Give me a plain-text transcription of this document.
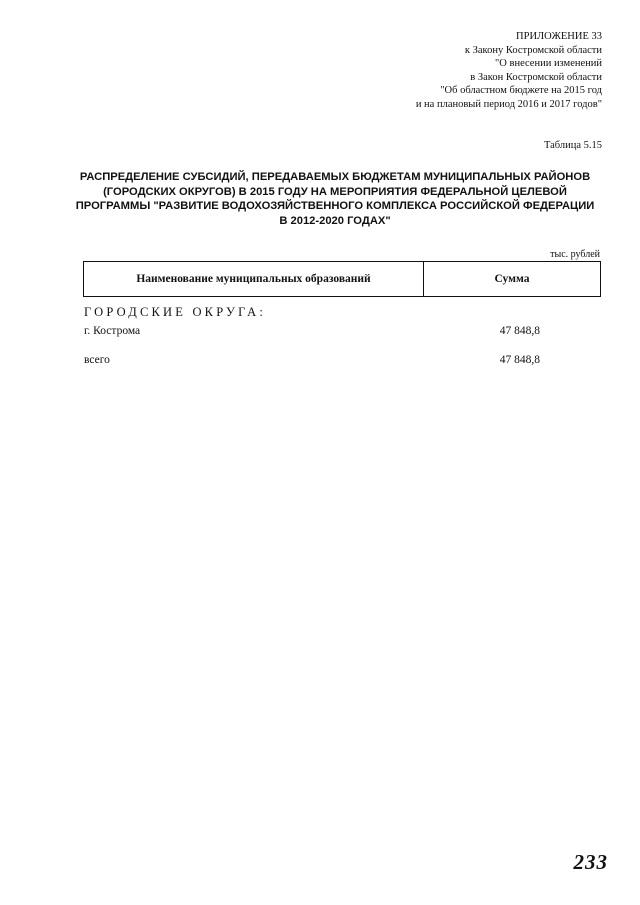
ПРИЛОЖЕНИЕ 33
к Закону Костромской области
"О внесении изменений
в Закон Костромской области
"Об областном бюджете на 2015 год
и на плановый период 2016 и 2017 годов"
Таблица 5.15
РАСПРЕДЕЛЕНИЕ СУБСИДИЙ, ПЕРЕДАВАЕМЫХ БЮДЖЕТАМ МУНИЦИПАЛЬНЫХ РАЙОНОВ
(ГОРОДСКИХ ОКРУГОВ) В 2015 ГОДУ НА МЕРОПРИЯТИЯ ФЕДЕРАЛЬНОЙ ЦЕЛЕВОЙ
ПРОГРАММЫ "РАЗВИТИЕ ВОДОХОЗЯЙСТВЕННОГО КОМПЛЕКСА РОССИЙСКОЙ ФЕДЕРАЦИИ
В 2012-2020 ГОДАХ"
тыс. рублей
Наименование муниципальных образований	Сумма
ГОРОДСКИЕ ОКРУГА:
г. Кострома	47 848,8
всего	47 848,8
233
